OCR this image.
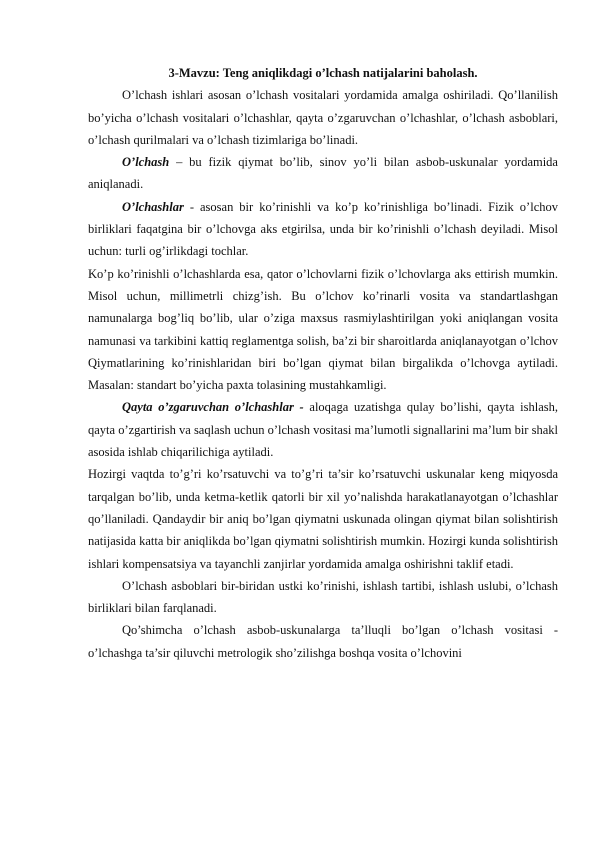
3-Mavzu: Teng aniqlikdagi o’lchash natijalarini baholash.

O’lchash ishlari asosan o’lchash vositalari yordamida amalga oshiriladi. Qo’llanilish bo’yicha o’lchash vositalari o’lchashlar, qayta o’zgaruvchan o’lchashlar, o’lchash asboblari, o’lchash qurilmalari va o’lchash tizimlariga bo’linadi.

O’lchash – bu fizik qiymat bo’lib, sinov yo’li bilan asbob-uskunalar yordamida aniqlanadi.

O’lchashlar - asosan bir ko’rinishli va ko’p ko’rinishliga bo’linadi. Fizik o’lchov birliklari faqatgina bir o’lchovga aks etgirilsa, unda bir ko’rinishli o’lchash deyiladi. Misol uchun: turli og’irlikdagi tochlar.

Ko’p ko’rinishli o’lchashlarda esa, qator o’lchovlarni fizik o’lchovlarga aks ettirish mumkin. Misol uchun, millimetrli chizg’ish. Bu o’lchov ko’rinarli vosita va standartlashgan namunalarga bog’liq bo’lib, ular o’ziga maxsus rasmiylashtirilgan yoki aniqlangan vosita namunasi va tarkibini kattiq reglamentga solish, ba’zi bir sharoitlarda aniqlanayotgan o’lchov Qiymatlarining ko’rinishlaridan biri bo’lgan qiymat bilan birgalikda o’lchovga aytiladi. Masalan: standart bo’yicha paxta tolasining mustahkamligi.

Qayta o’zgaruvchan o’lchashlar - aloqaga uzatishga qulay bo’lishi, qayta ishlash, qayta o’zgartirish va saqlash uchun o’lchash vositasi ma’lumotli signallarini ma’lum bir shakl asosida ishlab chiqarilichiga aytiladi.

Hozirgi vaqtda to’g’ri ko’rsatuvchi va to’g’ri ta’sir ko’rsatuvchi uskunalar keng miqyosda tarqalgan bo’lib, unda ketma-ketlik qatorli bir xil yo’nalishda harakatlanayotgan o’lchashlar qo’llaniladi. Qandaydir bir aniq bo’lgan qiymatni uskunada olingan qiymat bilan solishtirish natijasida katta bir aniqlikda bo’lgan qiymatni solishtirish mumkin. Hozirgi kunda solishtirish ishlari kompensatsiya va tayanchli zanjirlar yordamida amalga oshirishni taklif etadi.

O’lchash asboblari bir-biridan ustki ko’rinishi, ishlash tartibi, ishlash uslubi, o’lchash birliklari bilan farqlanadi.

Qo’shimcha o’lchash asbob-uskunalarga ta’lluqli bo’lgan o’lchash vositasi - o’lchashga ta’sir qiluvchi metrologik sho’zilishga boshqa vosita o’lchovini
